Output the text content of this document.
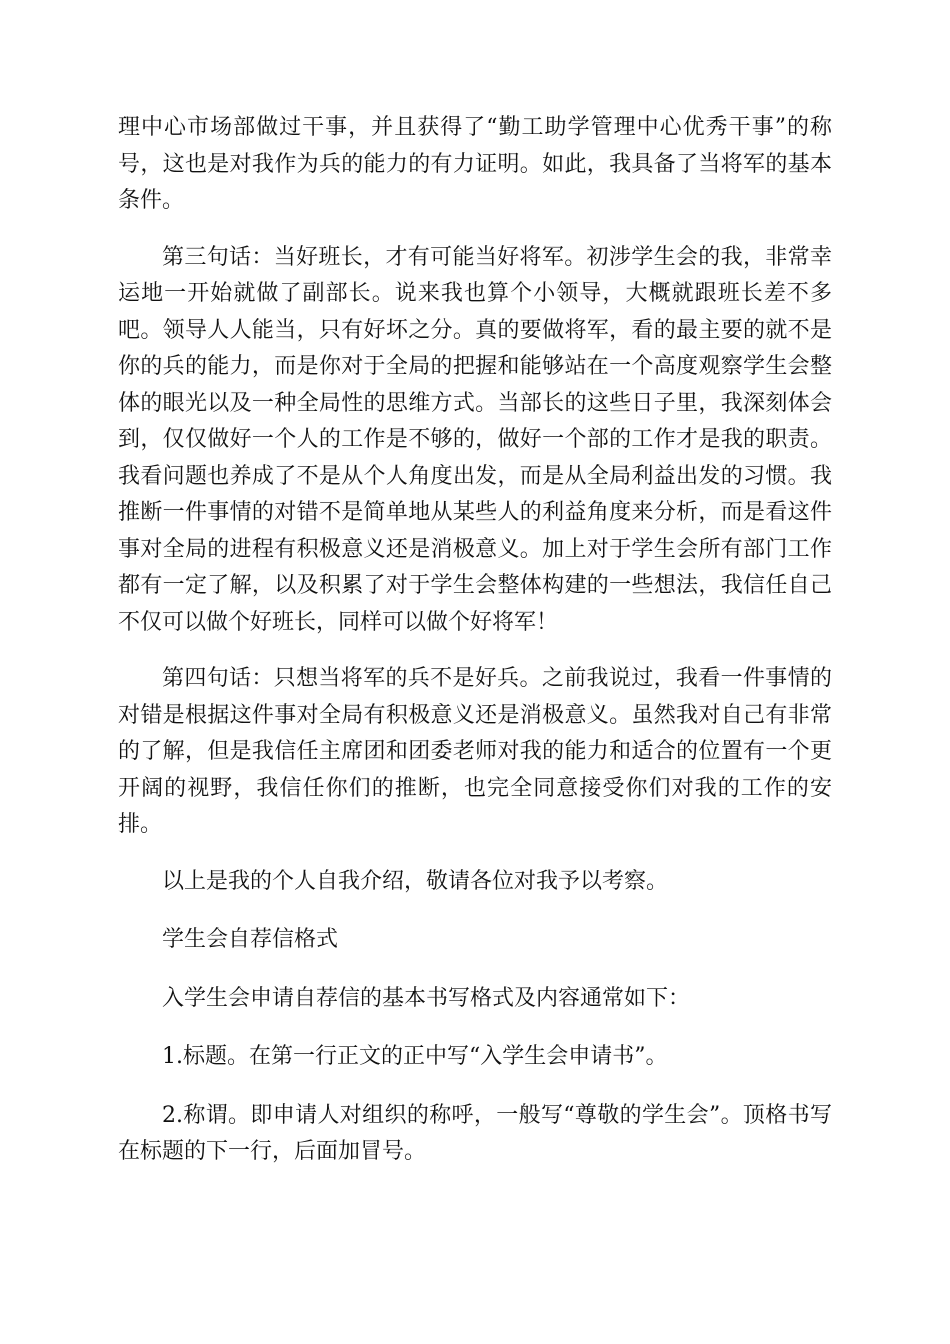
理中心市场部做过干事，并且获得了“勤工助学管理中心优秀干事”的称号，这也是对我作为兵的能力的有力证明。如此，我具备了当将军的基本条件。

第三句话：当好班长，才有可能当好将军。初涉学生会的我，非常幸运地一开始就做了副部长。说来我也算个小领导，大概就跟班长差不多吧。领导人人能当，只有好坏之分。真的要做将军，看的最主要的就不是你的兵的能力，而是你对于全局的把握和能够站在一个高度观察学生会整体的眼光以及一种全局性的思维方式。当部长的这些日子里，我深刻体会到，仅仅做好一个人的工作是不够的，做好一个部的工作才是我的职责。我看问题也养成了不是从个人角度出发，而是从全局利益出发的习惯。我推断一件事情的对错不是简单地从某些人的利益角度来分析，而是看这件事对全局的进程有积极意义还是消极意义。加上对于学生会所有部门工作都有一定了解，以及积累了对于学生会整体构建的一些想法，我信任自己不仅可以做个好班长，同样可以做个好将军！

第四句话：只想当将军的兵不是好兵。之前我说过，我看一件事情的对错是根据这件事对全局有积极意义还是消极意义。虽然我对自己有非常的了解，但是我信任主席团和团委老师对我的能力和适合的位置有一个更开阔的视野，我信任你们的推断，也完全同意接受你们对我的工作的安排。

以上是我的个人自我介绍，敬请各位对我予以考察。

学生会自荐信格式

入学生会申请自荐信的基本书写格式及内容通常如下：

1.标题。在第一行正文的正中写“入学生会申请书”。

2.称谓。即申请人对组织的称呼，一般写“尊敬的学生会”。顶格书写在标题的下一行，后面加冒号。
